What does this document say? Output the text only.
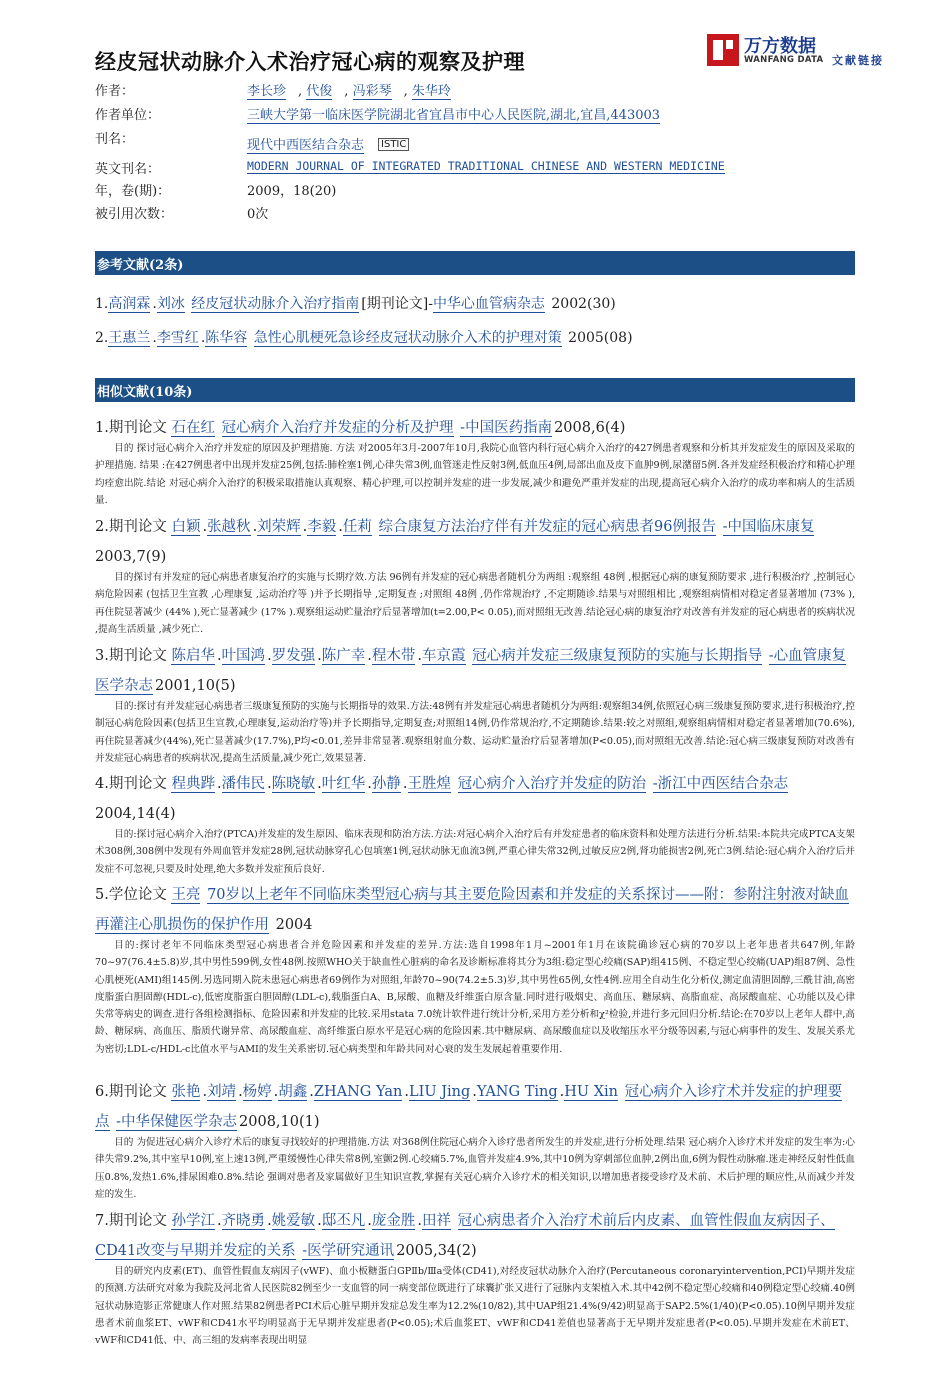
经皮冠状动脉介入术治疗冠心病的观察及护理
万方数据
WANFANG DATA 文献链接
作者：	李长珍 , 代俊 , 冯彩琴 , 朱华玲
作者单位：	三峡大学第一临床医学院湖北省宜昌市中心人民医院,湖北,宜昌,443003
刊名：	现代中西医结合杂志 ISTIC
英文刊名：	MODERN JOURNAL OF INTEGRATED TRADITIONAL CHINESE AND WESTERN MEDICINE
年，卷(期)：	2009，18(20)
被引用次数：	0次
参考文献(2条)
1.高润霖 .刘冰 经皮冠状动脉介入治疗指南 [期刊论文]-中华心血管病杂志 2002(30)
2.王惠兰 .李雪红 .陈华容 急性心肌梗死急诊经皮冠状动脉介入术的护理对策 2005(08)
相似文献(10条)
1.期刊论文 石在红 冠心病介入治疗并发症的分析及护理 -中国医药指南 2008,6(4)
目的 探讨冠心病介入治疗并发症的原因及护理措施. 方法 对2005年3月-2007年10月,我院心血管内科行冠心病介入治疗的427例患者观察和分析其并发症发生的原因及采取的护理措施. 结果 :在427例患者中出现并发症25例,包括:肺栓塞1例,心律失常3例,血管迷走性反射3例,低血压4例,局部出血及皮下血肿9例,尿潴留5例.各并发症经积极治疗和精心护理均痊愈出院.结论 对冠心病介入治疗的积极采取措施认真观察、精心护理,可以控制并发症的进一步发展,减少和避免严重并发症的出现,提高冠心病介入治疗的成功率和病人的生活质量.
2.期刊论文 白颖 .张越秋 .刘荣辉 .李毅 .任莉 综合康复方法治疗伴有并发症的冠心病患者96例报告 -中国临床康复
2003,7(9)
目的探讨有并发症的冠心病患者康复治疗的实施与长期疗效.方法 96例有并发症的冠心病患者随机分为两组 :观察组 48例 ,根据冠心病的康复预防要求 ,进行积极治疗 ,控制冠心病危险因素 (包括卫生宣教 ,心理康复 ,运动治疗等 )并予长期指导 ,定期复查 ;对照组 48例 ,仍作常规治疗 ,不定期随诊.结果与对照组相比 ,观察组病情相对稳定者显著增加 (73% ),再住院显著减少 (44% ),死亡显著减少 (17% ).观察组运动贮量治疗后显著增加(t=2.00,P< 0.05),而对照组无改善.结论冠心病的康复治疗对改善有并发症的冠心病患者的疾病状况 ,提高生活质量 ,减少死亡.
3.期刊论文 陈启华 .叶国鸿 .罗发强 .陈广幸 .程木带 .车京霞 冠心病并发症三级康复预防的实施与长期指导 -心血管康复医学杂志 2001,10(5)
目的:探讨有并发症冠心病患者三级康复预防的实施与长期指导的效果.方法:48例有并发症冠心病患者随机分为两组:观察组34例,依照冠心病三级康复预防要求,进行积极治疗,控制冠心病危险因素(包括卫生宣教,心理康复,运动治疗等)并予长期指导,定期复查;对照组14例,仍作常规治疗,不定期随诊.结果:较之对照组,观察组病情相对稳定者显著增加(70.6%),再住院显著减少(44%),死亡显著减少(17.7%),P均<0.01,差异非常显著.观察组射血分数、运动贮量治疗后显著增加(P<0.05),而对照组无改善.结论:冠心病三级康复预防对改善有并发症冠心病患者的疾病状况,提高生活质量,减少死亡,效果显著.
4.期刊论文 程典跸 .潘伟民 .陈晓敏 .叶红华 .孙静 .王胜煌 冠心病介入治疗并发症的防治 -浙江中西医结合杂志
2004,14(4)
目的:探讨冠心病介入治疗(PTCA)并发症的发生原因、临床表现和防治方法.方法:对冠心病介入治疗后有并发症患者的临床资料和处理方法进行分析.结果:本院共完成PTCA支架术308例,308例中发现有外周血管并发症28例,冠状动脉穿孔心包填塞1例,冠状动脉无血流3例,严重心律失常32例,过敏反应2例,肾功能损害2例,死亡3例.结论:冠心病介入治疗后并发症不可忽视,只要及时处理,绝大多数并发症预后良好.
5.学位论文 王亮 70岁以上老年不同临床类型冠心病与其主要危险因素和并发症的关系探讨——附：参附注射液对缺血再灌注心肌损伤的保护作用 2004
目的:探讨老年不同临床类型冠心病患者合并危险因素和并发症的差异.方法:选自1998年1月~2001年1月在该院确诊冠心病的70岁以上老年患者共647例,年龄70~97(76.4±5.8)岁,其中男性599例,女性48例.按照WHO关于缺血性心脏病的命名及诊断标准将其分为3组:稳定型心绞痛(SAP)组415例、不稳定型心绞痛(UAP)组87例、急性心肌梗死(AMI)组145例.另选同期入院未患冠心病患者69例作为对照组,年龄70~90(74.2±5.3)岁,其中男性65例,女性4例.应用全自动生化分析仪,测定血清胆固醇,三酰甘油,高密度脂蛋白胆固醇(HDL-c),低密度脂蛋白胆固醇(LDL-c),载脂蛋白A、B,尿酸、血糖及纤维蛋白原含量.同时进行吸烟史、高血压、糖尿病、高脂血症、高尿酸血症、心功能以及心律失常等病史的调查.进行各组检测指标、危险因素和并发症的比较.采用stata 7.0统计软件进行统计分析,采用方差分析和χ²检验,并进行多元回归分析.结论:在70岁以上老年人群中,高龄、糖尿病、高血压、脂质代谢异常、高尿酸血症、高纤维蛋白原水平是冠心病的危险因素.其中糖尿病、高尿酸血症以及收缩压水平分级等因素,与冠心病事件的发生、发展关系尤为密切;LDL-c/HDL-c比值水平与AMI的发生关系密切.冠心病类型和年龄共同对心衰的发生发展起着重要作用.
6.期刊论文 张艳 .刘靖 .杨婷 .胡鑫 .ZHANG Yan .LIU Jing .YANG Ting .HU Xin 冠心病介入诊疗术并发症的护理要点 -中华保健医学杂志 2008,10(1)
目的 为促进冠心病介入诊疗术后的康复寻找较好的护理措施.方法 对368例住院冠心病介入诊疗患者所发生的并发症,进行分析处理.结果 冠心病介入诊疗术并发症的发生率为:心律失常9.2%,其中室早10例,室上速13例,严重缓慢性心律失常8例,室颤2例.心绞痛5.7%,血管并发症4.9%,其中10例为穿刺部位血肿,2例出血,6例为假性动脉瘤.迷走神经反射性低血压0.8%,发热1.6%,排尿困难0.8%.结论 强调对患者及家属做好卫生知识宣教,掌握有关冠心病介入诊疗术的相关知识,以增加患者接受诊疗及术前、术后护理的顺应性,从而减少并发症的发生.
7.期刊论文 孙学江 .齐晓勇 .姚爱敏 .邸丕凡 .庞金胜 .田祥 冠心病患者介入治疗术前后内皮素、血管性假血友病因子、CD41改变与早期并发症的关系 -医学研究通讯 2005,34(2)
目的研究内皮素(ET)、血管性假血友病因子(vWF)、血小板糖蛋白GPⅡb/Ⅲa受体(CD41),对经皮冠状动脉介入治疗(Percutaneous coronaryintervention,PCI)早期并发症的预测.方法研究对象为我院及河北省人民医院82例至少一支血管的同一病变部位既进行了球囊扩张又进行了冠脉内支架植入术.其中42例不稳定型心绞痛和40例稳定型心绞痛.40例冠状动脉造影正常健康人作对照.结果82例患者PCI术后心脏早期并发症总发生率为12.2%(10/82),其中UAP组21.4%(9/42)明显高于SAP2.5%(1/40)(P<0.05).10例早期并发症患者术前血浆ET、vWF和CD41水平均明显高于无早期并发症患者(P<0.05);术后血浆ET、vWF和CD41差值也显著高于无早期并发症患者(P<0.05).早期并发症在术前ET、vWF和CD41低、中、高三组的发病率表现出明显
